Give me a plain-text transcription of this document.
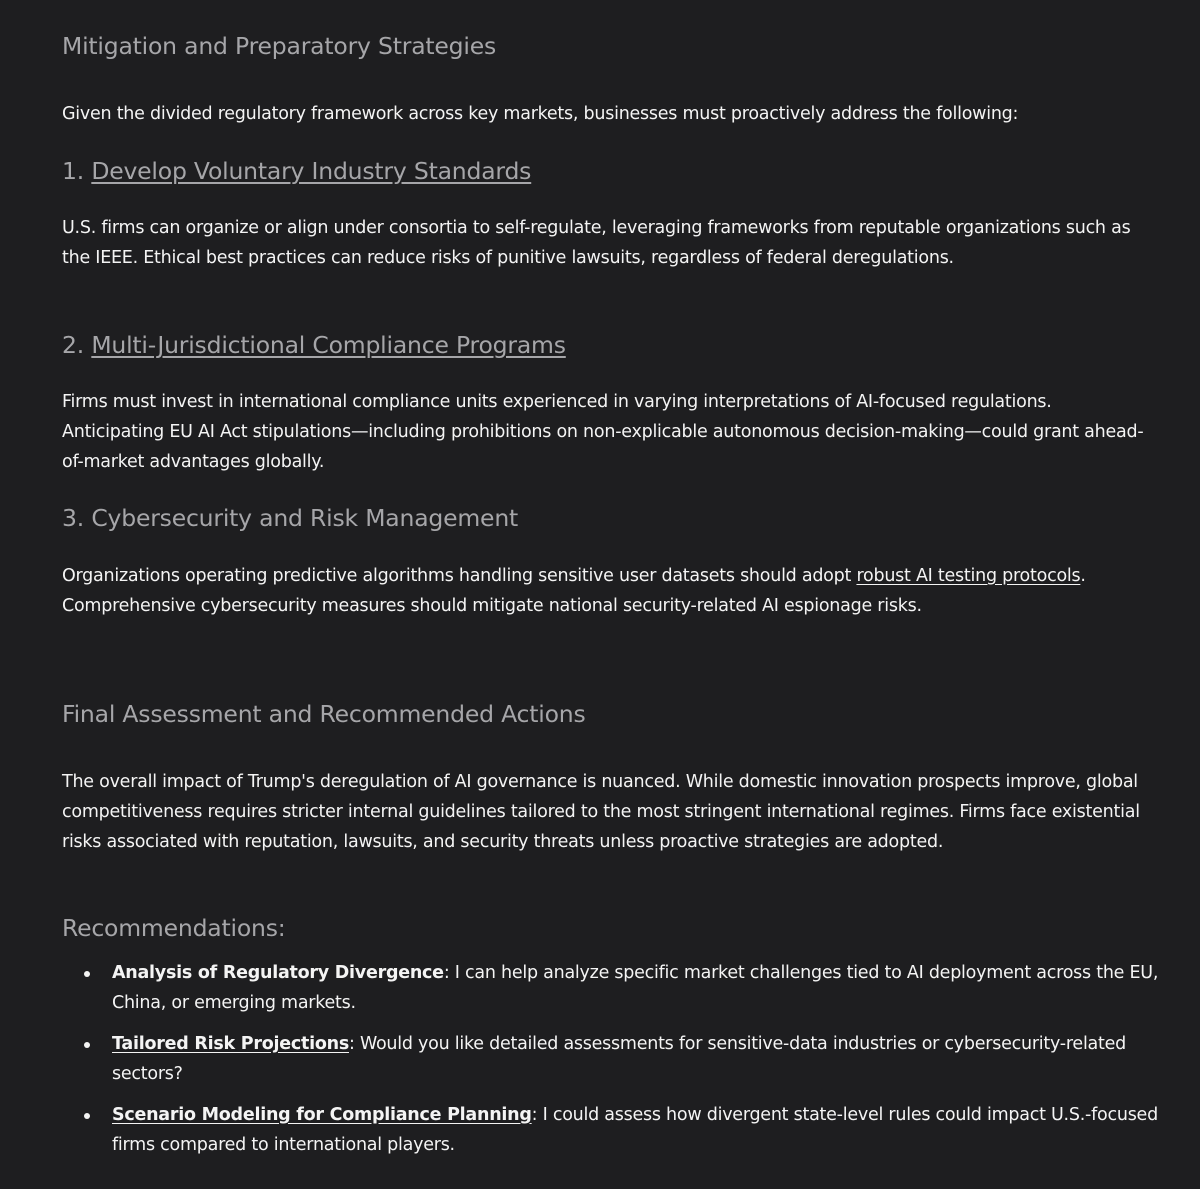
Mitigation and Preparatory Strategies

Given the divided regulatory framework across key markets, businesses must proactively address the following:

1. Develop Voluntary Industry Standards

U.S. firms can organize or align under consortia to self-regulate, leveraging frameworks from reputable organizations such as the IEEE. Ethical best practices can reduce risks of punitive lawsuits, regardless of federal deregulations.

2. Multi-Jurisdictional Compliance Programs

Firms must invest in international compliance units experienced in varying interpretations of AI-focused regulations. Anticipating EU AI Act stipulations—including prohibitions on non-explicable autonomous decision-making—could grant ahead-of-market advantages globally.

3. Cybersecurity and Risk Management

Organizations operating predictive algorithms handling sensitive user datasets should adopt robust AI testing protocols. Comprehensive cybersecurity measures should mitigate national security-related AI espionage risks.

Final Assessment and Recommended Actions

The overall impact of Trump's deregulation of AI governance is nuanced. While domestic innovation prospects improve, global competitiveness requires stricter internal guidelines tailored to the most stringent international regimes. Firms face existential risks associated with reputation, lawsuits, and security threats unless proactive strategies are adopted.

Recommendations:
Analysis of Regulatory Divergence: I can help analyze specific market challenges tied to AI deployment across the EU, China, or emerging markets.
Tailored Risk Projections: Would you like detailed assessments for sensitive-data industries or cybersecurity-related sectors?
Scenario Modeling for Compliance Planning: I could assess how divergent state-level rules could impact U.S.-focused firms compared to international players.
